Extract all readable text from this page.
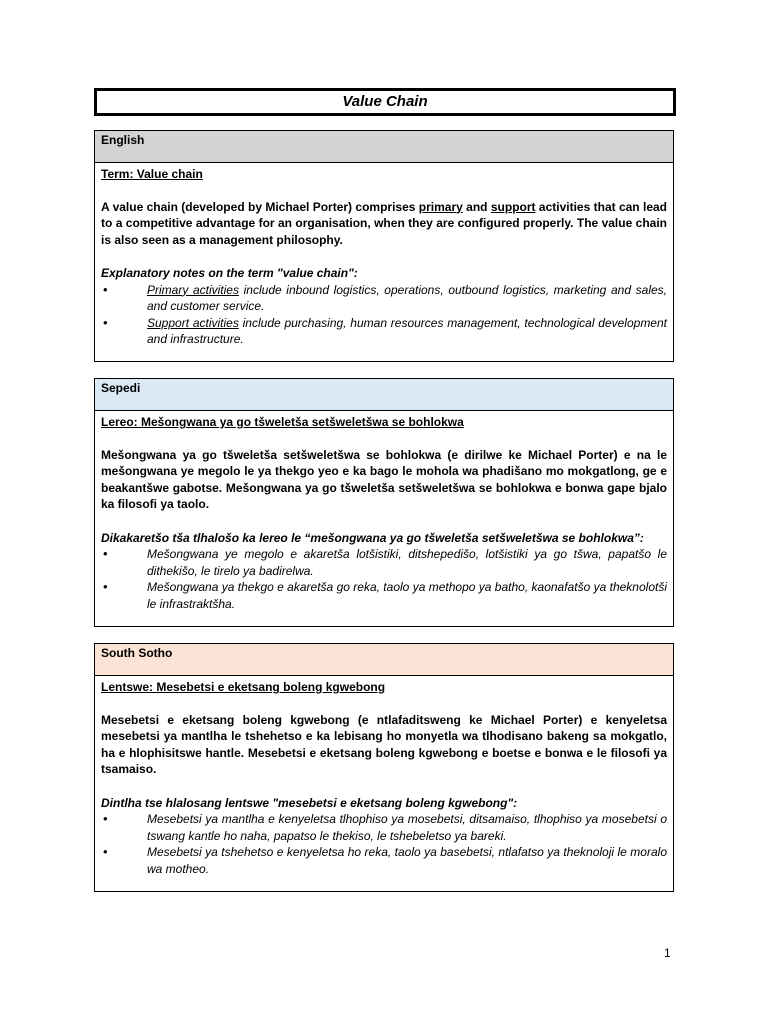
Value Chain
English

Term: Value chain

A value chain (developed by Michael Porter) comprises primary and support activities that can lead to a competitive advantage for an organisation, when they are configured properly. The value chain is also seen as a management philosophy.

Explanatory notes on the term "value chain":

•	Primary activities include inbound logistics, operations, outbound logistics, marketing and sales, and customer service.

•	Support activities include purchasing, human resources management, technological development and infrastructure.

Sepedi

Lereo: Mešongwana ya go tšweletša setšweletšwa se bohlokwa

Mešongwana ya go tšweletša setšweletšwa se bohlokwa (e dirilwe ke Michael Porter) e na le mešongwana ye megolo le ya thekgo yeo e ka bago le mohola wa phadišano mo mokgatlong, ge e beakantšwe gabotse. Mešongwana ya go tšweletša setšweletšwa se bohlokwa e bonwa gape bjalo ka filosofi ya taolo.

Dikakaretšo tša tlhalošo ka lereo le “mešongwana ya go tšweletša setšweletšwa se bohlokwa”:

•	Mešongwana ye megolo e akaretša lotšistiki, ditshepedišo, lotšistiki ya go tšwa, papatšo le dithekišo, le tirelo ya badirelwa.

•	Mešongwana ya thekgo e akaretša go reka, taolo ya methopo ya batho, kaonafatšo ya theknolotši le infrastraktšha.

South Sotho

Lentswe: Mesebetsi e eketsang boleng kgwebong

Mesebetsi e eketsang boleng kgwebong (e ntlafaditsweng ke Michael Porter) e kenyeletsa mesebetsi ya mantlha le tshehetso e ka lebisang ho monyetla wa tlhodisano bakeng sa mokgatlo, ha e hlophisitswe hantle. Mesebetsi e eketsang boleng kgwebong e boetse e bonwa e le filosofi ya tsamaiso.

Dintlha tse hlalosang lentswe "mesebetsi e eketsang boleng kgwebong":

•	Mesebetsi ya mantlha e kenyeletsa tlhophiso ya mosebetsi, ditsamaiso, tlhophiso ya mosebetsi o tswang kantle ho naha, papatso le thekiso, le tshebeletso ya bareki.

•	Mesebetsi ya tshehetso e kenyeletsa ho reka, taolo ya basebetsi, ntlafatso ya theknoloji le moralo wa motheo.

1
